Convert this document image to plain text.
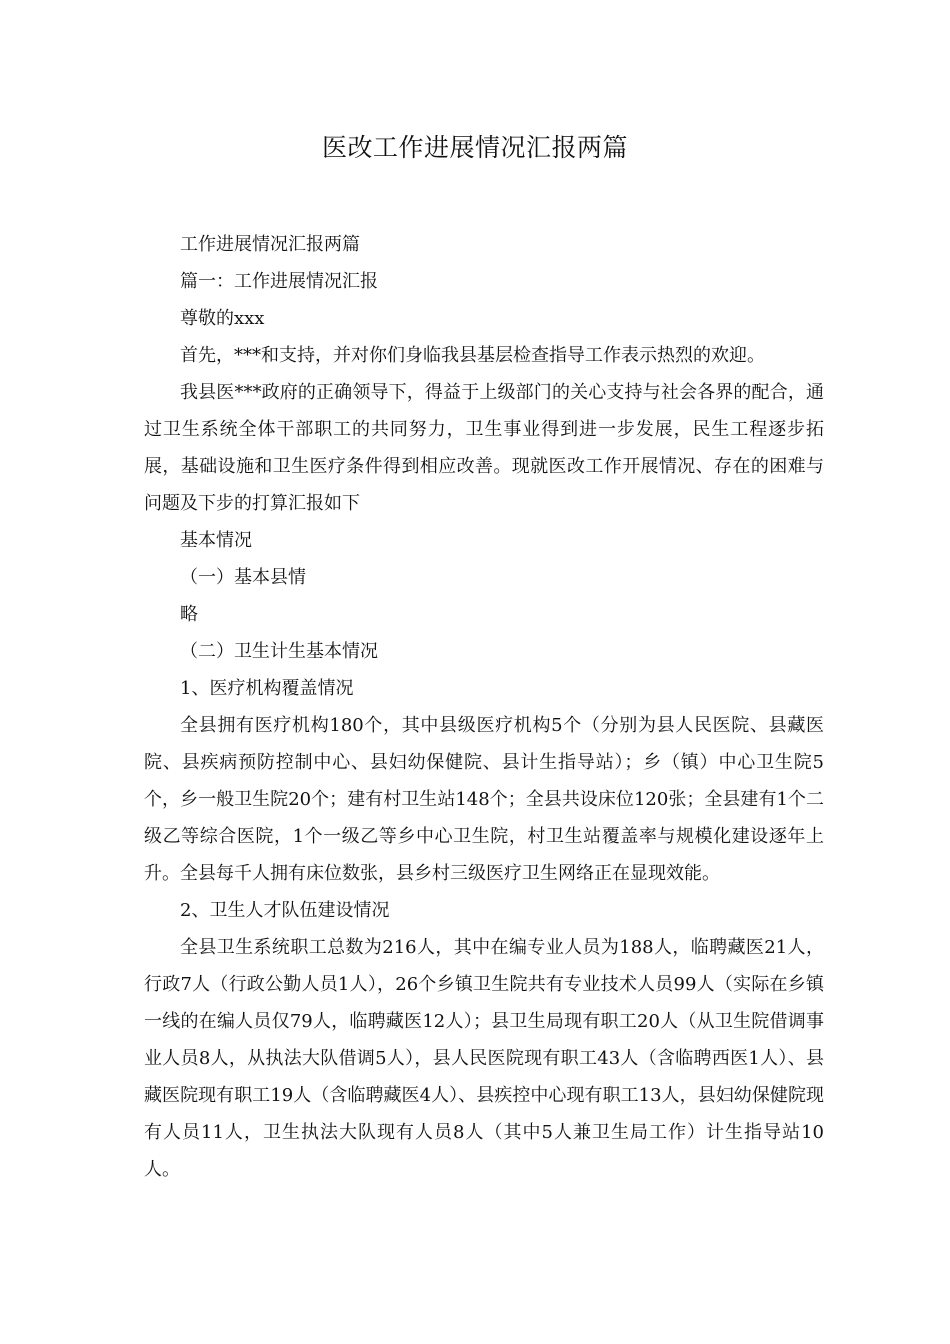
医改工作进展情况汇报两篇

工作进展情况汇报两篇

篇一：工作进展情况汇报

尊敬的xxx

首先，***和支持，并对你们身临我县基层检查指导工作表示热烈的欢迎。

我县医***政府的正确领导下，得益于上级部门的关心支持与社会各界的配合，通过卫生系统全体干部职工的共同努力，卫生事业得到进一步发展，民生工程逐步拓展，基础设施和卫生医疗条件得到相应改善。现就医改工作开展情况、存在的困难与问题及下步的打算汇报如下

基本情况

（一）基本县情

略

（二）卫生计生基本情况

1、医疗机构覆盖情况

全县拥有医疗机构180个，其中县级医疗机构5个（分别为县人民医院、县藏医院、县疾病预防控制中心、县妇幼保健院、县计生指导站）；乡（镇）中心卫生院5个，乡一般卫生院20个；建有村卫生站148个；全县共设床位120张；全县建有1个二级乙等综合医院，1个一级乙等乡中心卫生院，村卫生站覆盖率与规模化建设逐年上升。全县每千人拥有床位数张，县乡村三级医疗卫生网络正在显现效能。

2、卫生人才队伍建设情况

全县卫生系统职工总数为216人，其中在编专业人员为188人，临聘藏医21人，行政7人（行政公勤人员1人），26个乡镇卫生院共有专业技术人员99人（实际在乡镇一线的在编人员仅79人，临聘藏医12人）；县卫生局现有职工20人（从卫生院借调事业人员8人，从执法大队借调5人），县人民医院现有职工43人（含临聘西医1人）、县藏医院现有职工19人（含临聘藏医4人）、县疾控中心现有职工13人，县妇幼保健院现有人员11人，卫生执法大队现有人员8人（其中5人兼卫生局工作）计生指导站10人。
